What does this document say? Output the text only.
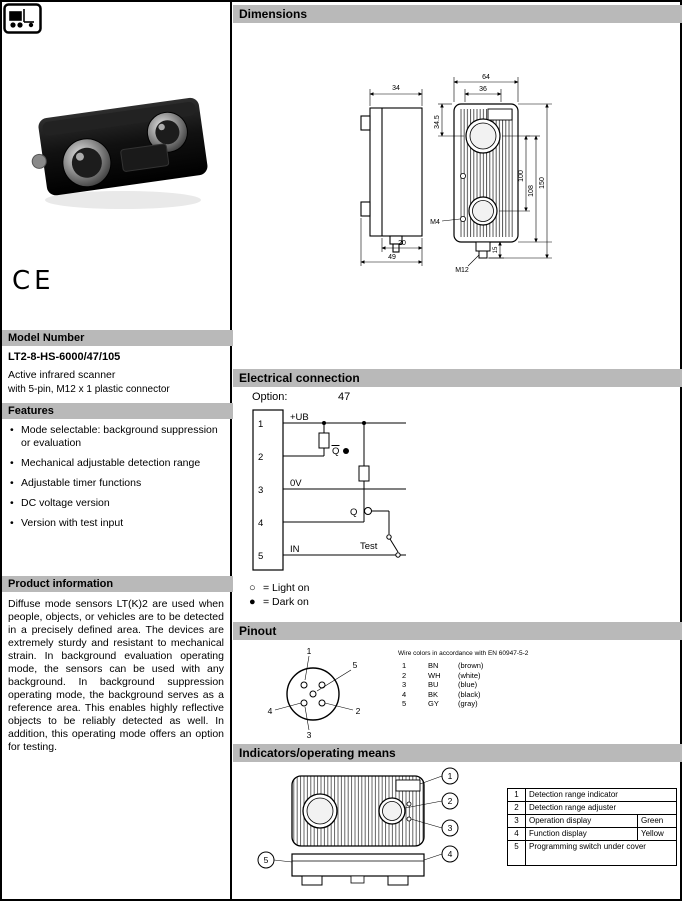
CE
Model Number
LT2-8-HS-6000/47/105
Active infrared scanner
with 5-pin, M12 x 1 plastic connector
Features
• Mode selectable: background suppression or evaluation
• Mechanical adjustable detection range
• Adjustable timer functions
• DC voltage version
• Version with test input
Product information
Diffuse mode sensors LT(K)2 are used when people, objects, or vehicles are to be detected in a precisely defined area. The devices are extremely sturdy and resistant to mechanical strain. In background evaluation operating mode, the sensors can be used with any background. In background suppression operating mode, the background serves as a reference area. This enables highly reflective objects to be reliably detected as well. In addition, this operating mode offers an option for testing.
Dimensions
34
20
49
64
36
34.5
100
108
150
M4
M12
15
Electrical connection
Option:	47
1
2
3
4
5
+UB
0V
IN
Q
Q
Test
○ = Light on
● = Dark on
Pinout
1
5
2
4
3
Wire colors in accordance with EN 60947-5-2
1	BN	(brown)
2	WH	(white)
3	BU	(blue)
4	BK	(black)
5	GY	(gray)
Indicators/operating means
1
2
3
4
5
1	Detection range indicator	
2	Detection range adjuster	
3	Operation display	Green
4	Function display	Yellow
5	Programming switch under cover	
